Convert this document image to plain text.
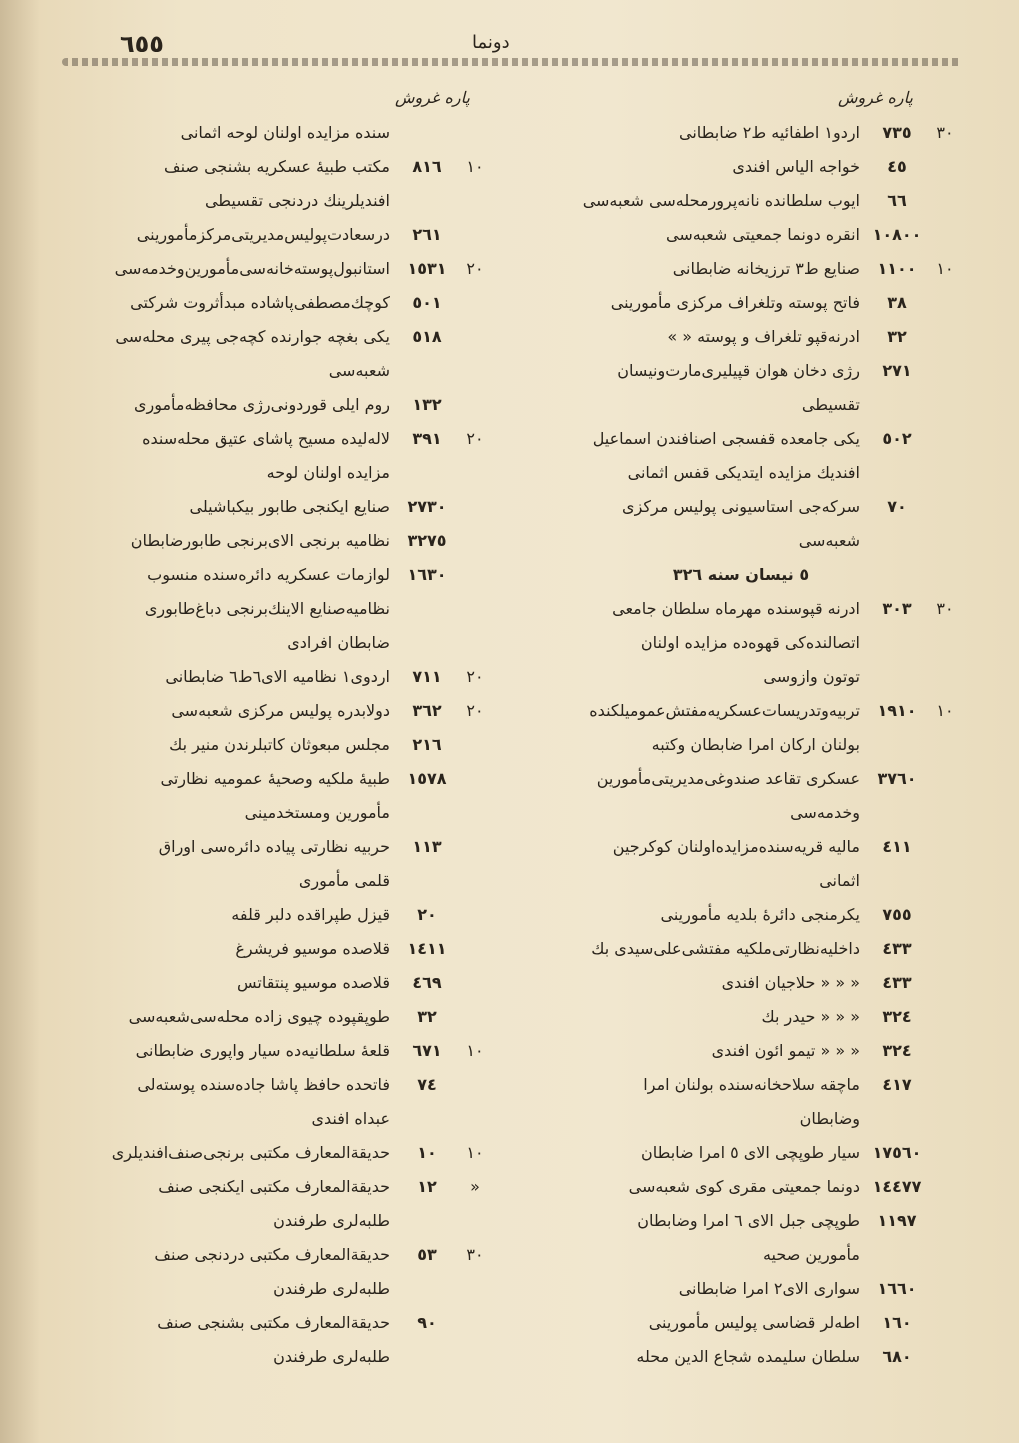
٦٥٥	دونما
پاره غروش
پاره غروش
٣٠
٧٣٥
اردو١ اطفائيه ط٢ ضابطانى
٤٥
خواجه الياس افندى
٦٦
ايوب سلطانده نانه‌پرورمحله‌سى شعبه‌سى
١٠٨٠٠
انقره دونما جمعيتى شعبه‌سى
١٠
١١٠٠
صنايع ط٣ ترزيخانه ضابطانى
٣٨
فاتح پوسته وتلغراف مركزى مأمورينى
٣٢
ادرنه‌قپو تلغراف و پوسته « »
٢٧١
رژى دخان هوان قپيليرى‌مارت‌و‌نيسان
تقسيطى
٥٠٢
يكى جامعده قفسجى اصنافندن اسماعيل
افنديك مزايده ايتديكى قفس اثمانى
٧٠
سركه‌جى استاسيونى پوليس مركزى
شعبه‌سى
٥ نيسان سنه ٣٢٦
٣٠
٣٠٣
ادرنه قپوسنده مهرماه سلطان جامعى
اتصالنده‌كى قهوه‌ده مزايده اولنان
توتون وازوسى
١٠
١٩١٠
تربيه‌وتدريسات‌عسكريه‌مفتش‌عموميلكنده
بولنان اركان امرا ضابطان وكتبه
٣٧٦٠
عسكرى تقاعد صندوغى‌مديريتى‌مأمورين
وخدمه‌سى
٤١١
ماليه قريه‌سنده‌مزايده‌اولنان كوكرجين
اثمانى
٧٥٥
يكرمنجى دائرهٔ بلديه مأمورينى
٤٣٣
داخليه‌نظارتى‌ملكيه مفتشى‌على‌سيدى بك
٤٣٣
« « « حلاجيان افندى
٣٢٤
« « « حيدر بك
٣٢٤
« « « تيمو ائون افندى
٤١٧
ماچقه سلاحخانه‌سنده بولنان امرا
وضابطان
١٧٥٦٠
سيار طوپچى الاى ٥ امرا ضابطان
١٤٤٧٧
دونما جمعيتى مقرى كوى شعبه‌سى
١١٩٧
طوپچى جبل الاى ٦ امرا وضابطان
مأمورين صحيه
١٦٦٠
سوارى الاى٢ امرا ضابطانى
١٦٠
اطه‌لر قضاسى پوليس مأمورينى
٦٨٠
سلطان سليمده شجاع الدين محله
سنده مزايده اولنان لوحه اثمانى
١٠
٨١٦
مكتب طبيهٔ عسكريه بشنجى صنف
افنديلرينك دردنجى تقسيطى
٢٦١
درسعادت‌پوليس‌مديريتى‌مركز‌مأمورينى
٢٠
١٥٣١
استانبول‌پوسته‌خانه‌سى‌مأمورين‌وخدمه‌سى
٥٠١
كوچك‌مصطفى‌پاشاده مبدأ‌ثروت شركتى
٥١٨
يكى بغچه جوارنده كچه‌جى پيرى محله‌سى
شعبه‌سى
١٣٢
روم ايلى قوردونى‌رژى محافظه‌مأمورى
٢٠
٣٩١
لاله‌ليده مسيح پاشاى عتيق محله‌سنده
مزايده اولنان لوحه
٢٧٣٠
صنايع ايكنجى طابور بيكباشيلى
٣٢٧٥
نظاميه برنجى الاى‌برنجى طابورضابطان
١٦٣٠
لوازمات عسكريه دائره‌سنده منسوب
نظاميه‌صنايع الاينك‌برنجى دباغ‌طابورى
ضابطان افرادى
٢٠
٧١١
اردوى١ نظاميه الاى٦ط٦ ضابطانى
٢٠
٣٦٢
دولابدره پوليس مركزى شعبه‌سى
٢١٦
مجلس مبعوثان كاتبلرندن منير بك
١٥٧٨
طبيهٔ ملكيه وصحيهٔ عموميه نظارتى
مأمورين ومستخدمينى
١١٣
حربيه نظارتى پياده دائره‌سى اوراق
قلمى مأمورى
٢٠
قيزل طپراقده دلبر قلفه
١٤١١
قلاصده موسيو فريشرغ
٤٦٩
قلاصده موسيو پنتقاتس
٣٢
طوپقپوده چيوى زاده محله‌سى‌شعبه‌سى
١٠
٦٧١
قلعهٔ سلطانيه‌ده سيار واپورى ضابطانى
٧٤
فاتحده حافظ پاشا جاده‌سنده پوسته‌لى
عبداه افندى
١٠
١٠
حديقة‌المعارف مكتبى برنجى‌صنف‌افنديلرى
«
١٢
حديقة‌المعارف مكتبى ايكنجى صنف
طلبه‌لرى طرفندن
٣٠
٥٣
حديقة‌المعارف مكتبى دردنجى صنف
طلبه‌لرى طرفندن
٩٠
حديقة‌المعارف مكتبى بشنجى صنف
طلبه‌لرى طرفندن
